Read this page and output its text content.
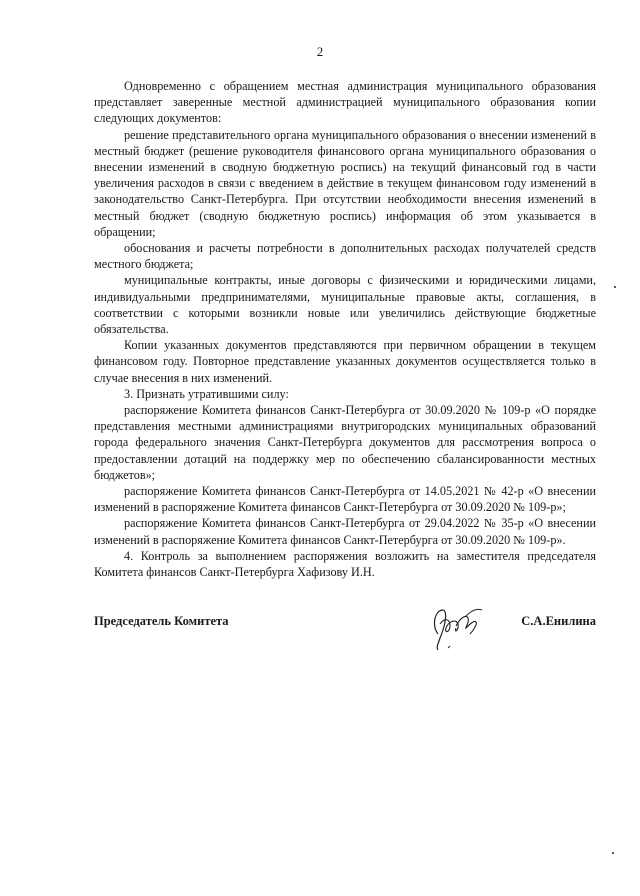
2

Одновременно с обращением местная администрация муниципального образования представляет заверенные местной администрацией муниципального образования копии следующих документов:

решение представительного органа муниципального образования о внесении изменений в местный бюджет (решение руководителя финансового органа муниципального образования о внесении изменений в сводную бюджетную роспись) на текущий финансовый год в части увеличения расходов в связи с введением в действие в текущем финансовом году изменений в законодательство Санкт-Петербурга. При отсутствии необходимости внесения изменений в местный бюджет (сводную бюджетную роспись) информация об этом указывается в обращении;

обоснования и расчеты потребности в дополнительных расходах получателей средств местного бюджета;

муниципальные контракты, иные договоры с физическими и юридическими лицами, индивидуальными предпринимателями, муниципальные правовые акты, соглашения, в соответствии с которыми возникли новые или увеличились действующие бюджетные обязательства.

Копии указанных документов представляются при первичном обращении в текущем финансовом году. Повторное представление указанных документов осуществляется только в случае внесения в них изменений.

3. Признать утратившими силу:

распоряжение Комитета финансов Санкт-Петербурга от 30.09.2020 № 109-р «О порядке представления местными администрациями внутригородских муниципальных образований города федерального значения Санкт-Петербурга документов для рассмотрения вопроса о предоставлении дотаций на поддержку мер по обеспечению сбалансированности местных бюджетов»;

распоряжение Комитета финансов Санкт-Петербурга от 14.05.2021 № 42-р «О внесении изменений в распоряжение Комитета финансов Санкт-Петербурга от 30.09.2020 № 109-р»;

распоряжение Комитета финансов Санкт-Петербурга от 29.04.2022 № 35-р «О внесении изменений в распоряжение Комитета финансов Санкт-Петербурга от 30.09.2020 № 109-р».

4. Контроль за выполнением распоряжения возложить на заместителя председателя Комитета финансов Санкт-Петербурга Хафизову И.Н.

Председатель Комитета	С.А.Енилина
